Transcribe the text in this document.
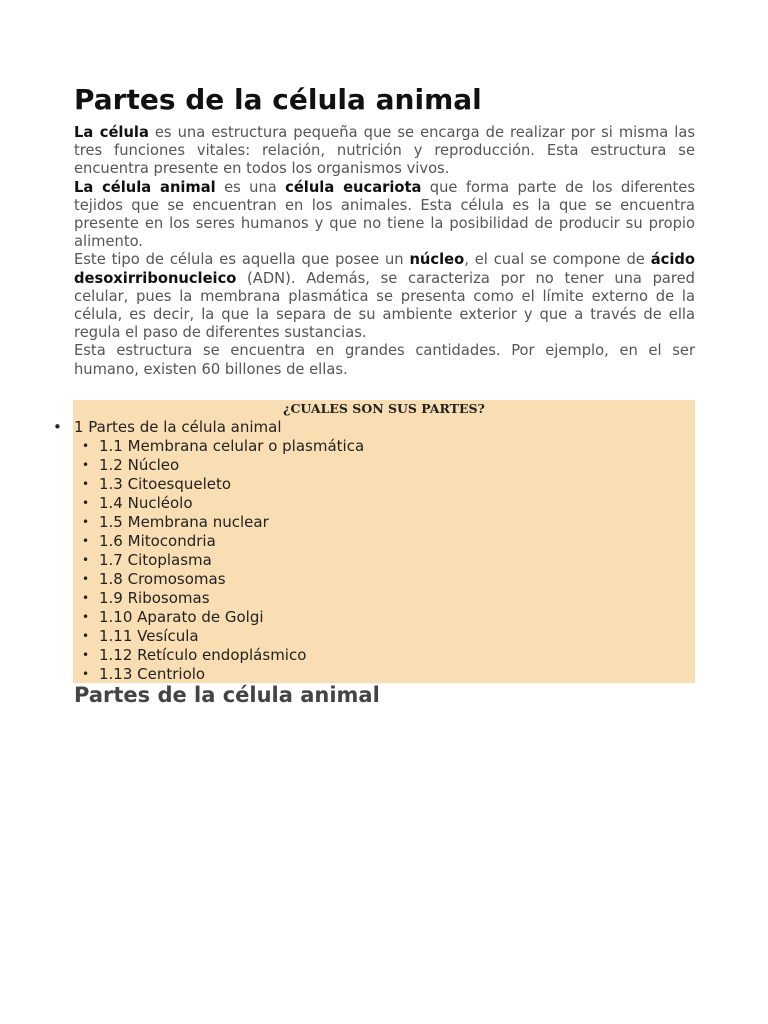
Partes de la célula animal

La célula es una estructura pequeña que se encarga de realizar por si misma las tres funciones vitales: relación, nutrición y reproducción. Esta estructura se encuentra presente en todos los organismos vivos.

La célula animal es una célula eucariota que forma parte de los diferentes tejidos que se encuentran en los animales. Esta célula es la que se encuentra presente en los seres humanos y que no tiene la posibilidad de producir su propio alimento.

Este tipo de célula es aquella que posee un núcleo, el cual se compone de ácido desoxirribonucleico (ADN). Además, se caracteriza por no tener una pared celular, pues la membrana plasmática se presenta como el límite externo de la célula, es decir, la que la separa de su ambiente exterior y que a través de ella regula el paso de diferentes sustancias.

Esta estructura se encuentra en grandes cantidades. Por ejemplo, en el ser humano, existen 60 billones de ellas.

¿CUALES SON SUS PARTES?
• 1 Partes de la célula animal
• 1.1 Membrana celular o plasmática
• 1.2 Núcleo
• 1.3 Citoesqueleto
• 1.4 Nucléolo
• 1.5 Membrana nuclear
• 1.6 Mitocondria
• 1.7 Citoplasma
• 1.8 Cromosomas
• 1.9 Ribosomas
• 1.10 Aparato de Golgi
• 1.11 Vesícula
• 1.12 Retículo endoplásmico
• 1.13 Centriolo
Partes de la célula animal
